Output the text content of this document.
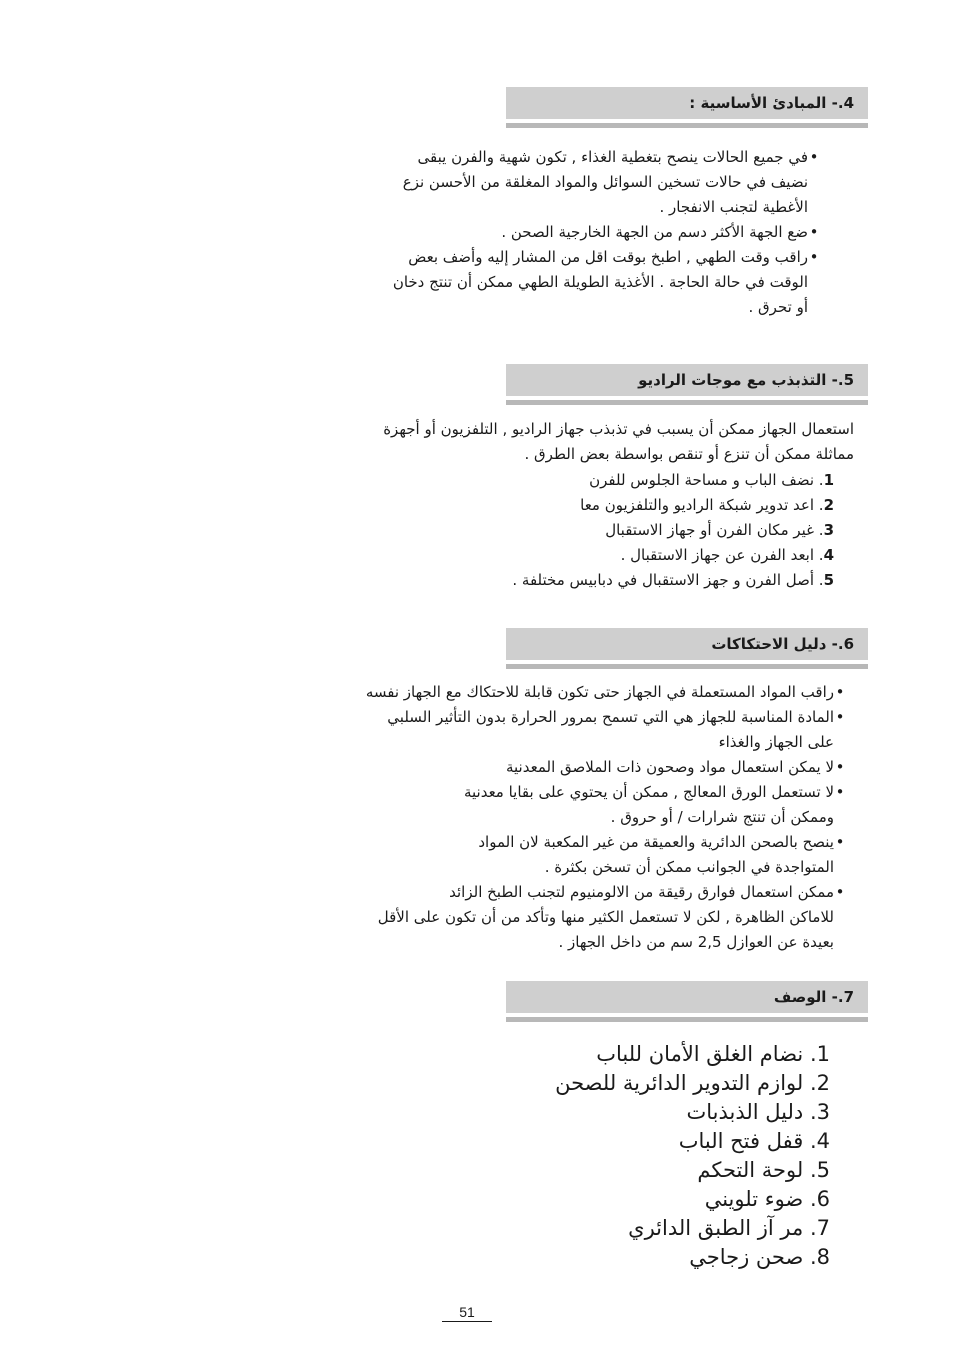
4.- المبادئ الأساسية :
•في جميع الحالات ينصح بتغطية الغذاء , تكون شهية والفرن يبقى
نضيف في حالات تسخين السوائل والمواد المغلقة من الأحسن نزع
الأغطية لتجنب الانفجار .
•ضع الجهة الأكثر دسم من الجهة الخارجية الصحن .
•راقب وقت الطهي , اطبخ بوقت اقل من المشار إليه وأضف بعض
الوقت في حالة الحاجة . الأغذية الطويلة الطهي ممكن أن تنتج دخان
أو تحرق .
5.- التذبذب مع موجات الراديو

استعمال الجهاز ممكن أن يسبب في تذبذب جهاز الراديو , التلفزيون أو أجهزة

مماثلة ممكن أن تنزع أو تنقص بواسطة بعض الطرق .

1. نضف الباب و مساحة الجلوس للفرن
2. اعد تدوير شبكة الراديو والتلفزيون معا
3. غير مكان الفرن أو جهاز الاستقبال
4. ابعد الفرن عن جهاز الاستقبال .
5. أصل الفرن و جهز الاستقبال في دبابيس مختلفة .
6.- دليل الاحتكاكات
•راقب المواد المستعملة في الجهاز حتى تكون قابلة للاحتكاك مع الجهاز نفسه
•المادة المناسبة للجهاز هي التي تسمح بمرور الحرارة بدون التأثير السلبي
على الجهاز والغذاء
•لا يمكن استعمال مواد وصحون ذات الملاصق المعدنية
•لا تستعمل الورق المعالج , ممكن أن يحتوي على بقايا معدنية
وممكن أن تنتج شرارات / أو حروق .
•ينصح بالصحن الدائرية والعميقة من غير المكعبة لان المواد
المتواجدة في الجوانب ممكن أن تسخن بكثرة .
•ممكن استعمال فوارق رقيقة من الالومنيوم لتجنب الطبخ الزائد
للاماكن الظاهرة , لكن لا تستعمل الكثير منها وتأكد من أن تكون على الأقل
بعيدة عن العوازل 2,5 سم من داخل الجهاز .
7.- الوصف
1. نضام الغلق الأمان للباب
2. لوازم التدوير الدائرية للصحن
3. دليل الذبذبات
4. قفل فتح الباب
5. لوحة التحكم
6. ضوء تلويني
7. مر آز الطبق الدائري
8. صحن زجاجي
51
